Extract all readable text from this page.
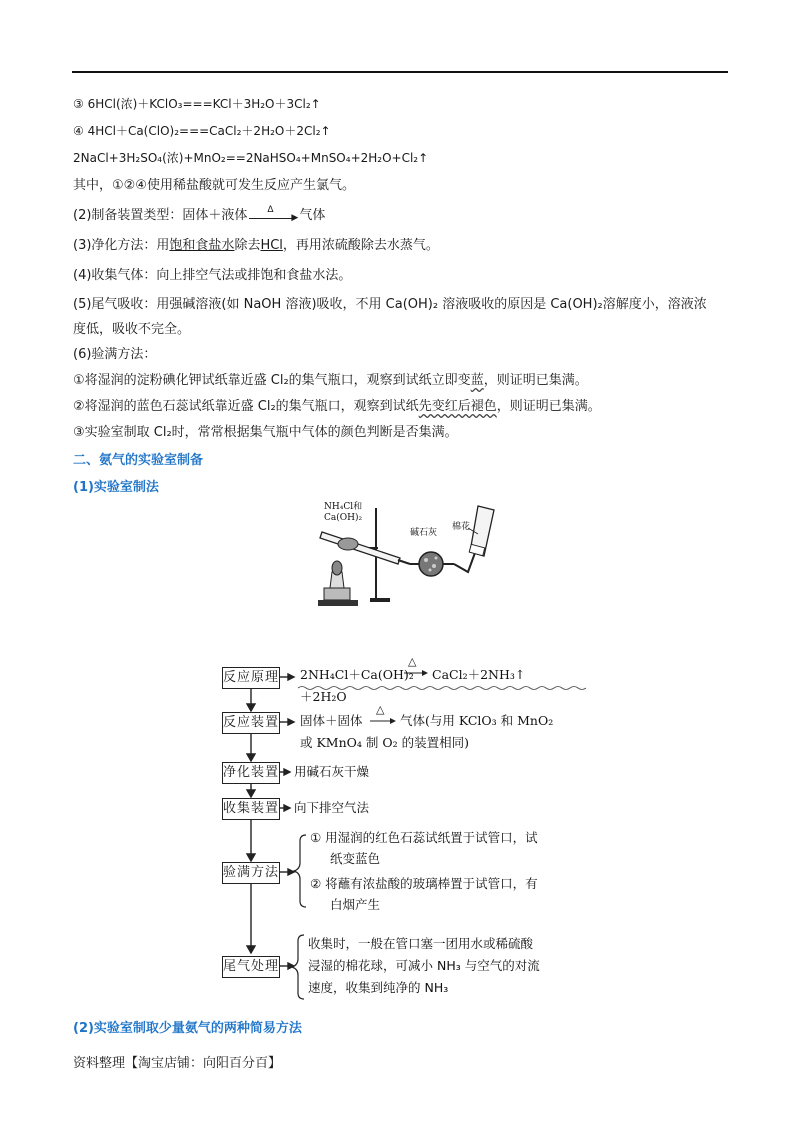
③ 6HCl(浓)＋KClO₃===KCl＋3H₂O＋3Cl₂↑
④ 4HCl＋Ca(ClO)₂===CaCl₂＋2H₂O＋2Cl₂↑
2NaCl+3H₂SO₄(浓)+MnO₂==2NaHSO₄+MnSO₄+2H₂O+Cl₂↑
其中，①②④使用稀盐酸就可发生反应产生氯气。
(2)制备装置类型：固体＋液体 Δ
▶ 气体
(3)净化方法：用饱和食盐水除去HCl，再用浓硫酸除去水蒸气。
(4)收集气体：向上排空气法或排饱和食盐水法。
(5)尾气吸收：用强碱溶液(如 NaOH 溶液)吸收，不用 Ca(OH)₂ 溶液吸收的原因是 Ca(OH)₂溶解度小，溶液浓
度低，吸收不完全。
(6)验满方法：
①将湿润的淀粉碘化钾试纸靠近盛 Cl₂的集气瓶口，观察到试纸立即变蓝，则证明已集满。
②将湿润的蓝色石蕊试纸靠近盛 Cl₂的集气瓶口，观察到试纸先变红后褪色，则证明已集满。
③实验室制取 Cl₂时，常常根据集气瓶中气体的颜色判断是否集满。
二、氨气的实验室制备
(1)实验室制法
NH₄Cl和
Ca(OH)₂
碱石灰
棉花
反应原理
反应装置
净化装置
收集装置
验满方法
尾气处理
2NH₄Cl＋Ca(OH)₂
△
CaCl₂＋2NH₃↑
＋2H₂O
固体＋固体
△
气体(与用 KClO₃ 和 MnO₂
或 KMnO₄ 制 O₂ 的装置相同)
用碱石灰干燥
向下排空气法
① 用湿润的红色石蕊试纸置于试管口，试
纸变蓝色
② 将蘸有浓盐酸的玻璃棒置于试管口，有
白烟产生
收集时，一般在管口塞一团用水或稀硫酸
浸湿的棉花球，可减小 NH₃ 与空气的对流
速度，收集到纯净的 NH₃
(2)实验室制取少量氨气的两种简易方法
资料整理【淘宝店铺：向阳百分百】
